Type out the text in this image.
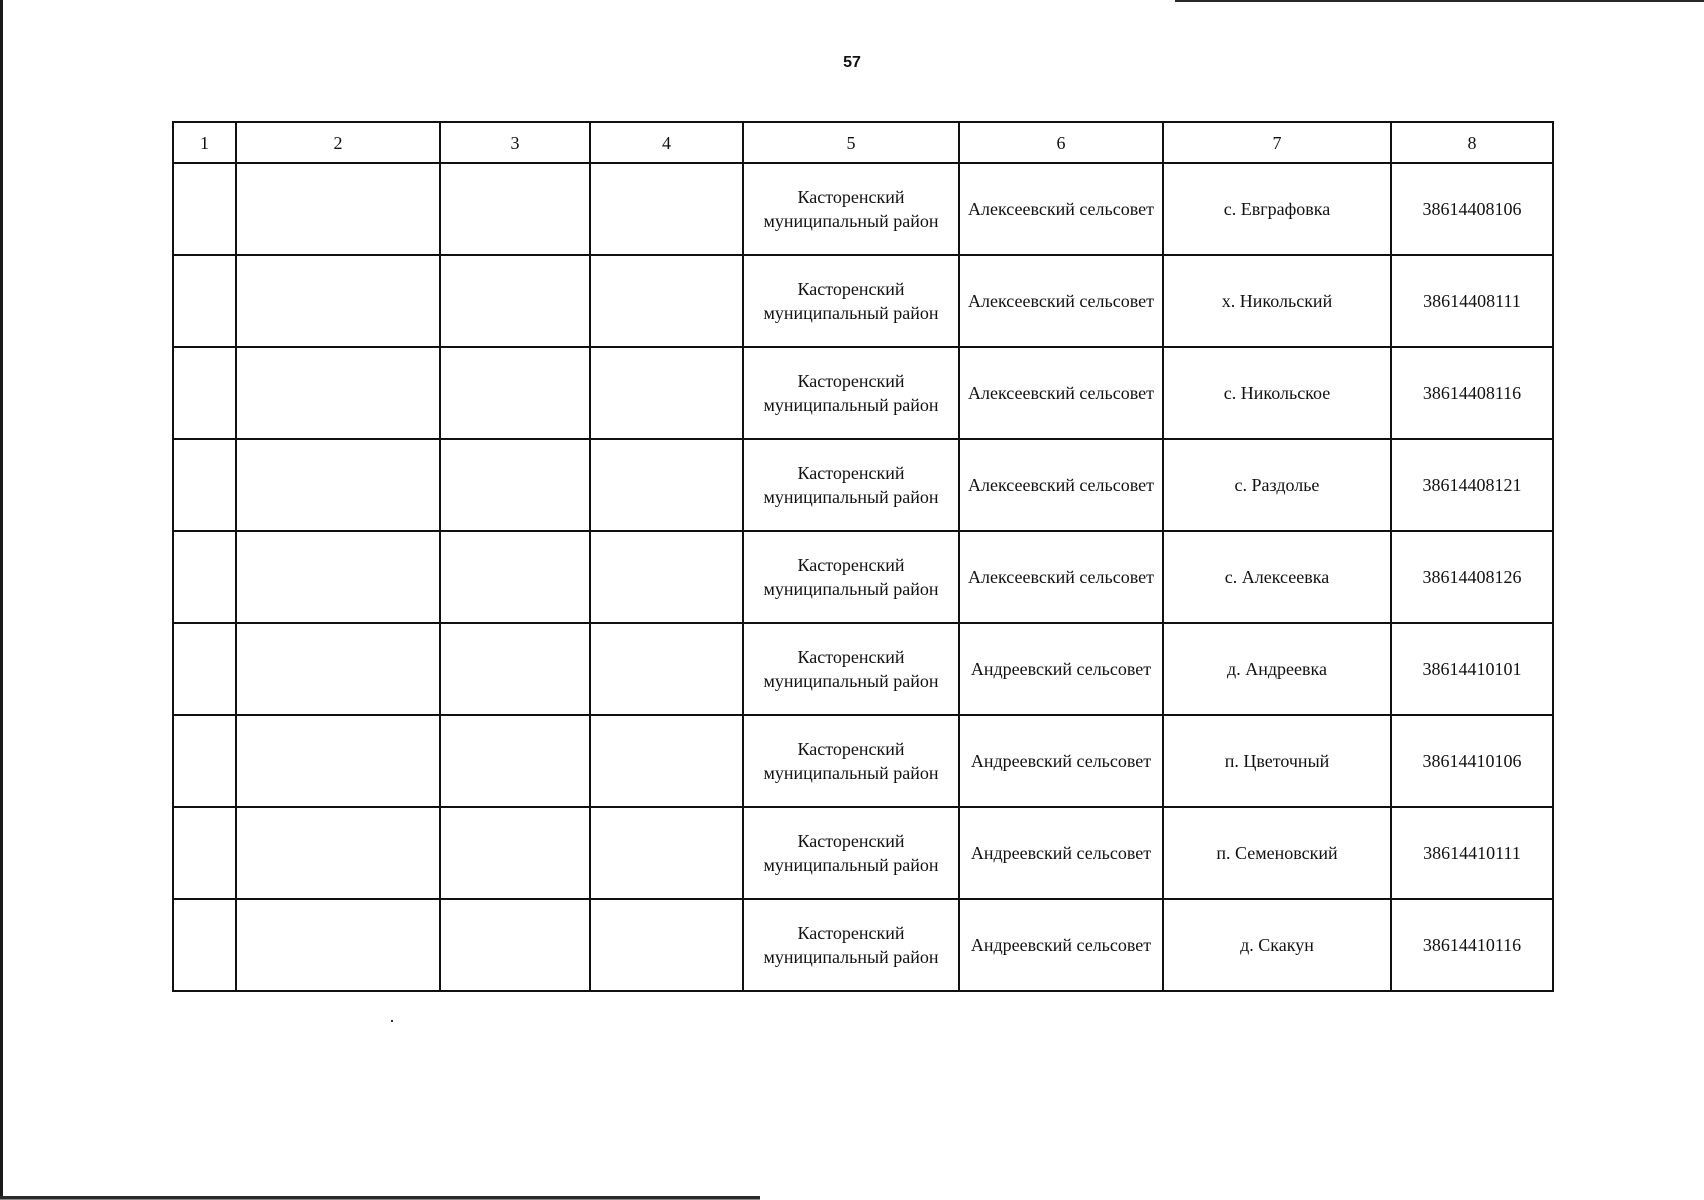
57
1	2	3	4	5	6	7	8

				Касторенский
муниципальный район	Алексеевский сельсовет	с. Евграфовка	38614408106

				Касторенский
муниципальный район	Алексеевский сельсовет	х. Никольский	38614408111

				Касторенский
муниципальный район	Алексеевский сельсовет	с. Никольское	38614408116

				Касторенский
муниципальный район	Алексеевский сельсовет	с. Раздолье	38614408121

				Касторенский
муниципальный район	Алексеевский сельсовет	с. Алексеевка	38614408126

				Касторенский
муниципальный район	Андреевский сельсовет	д. Андреевка	38614410101

				Касторенский
муниципальный район	Андреевский сельсовет	п. Цветочный	38614410106

				Касторенский
муниципальный район	Андреевский сельсовет	п. Семеновский	38614410111

				Касторенский
муниципальный район	Андреевский сельсовет	д. Скакун	38614410116
